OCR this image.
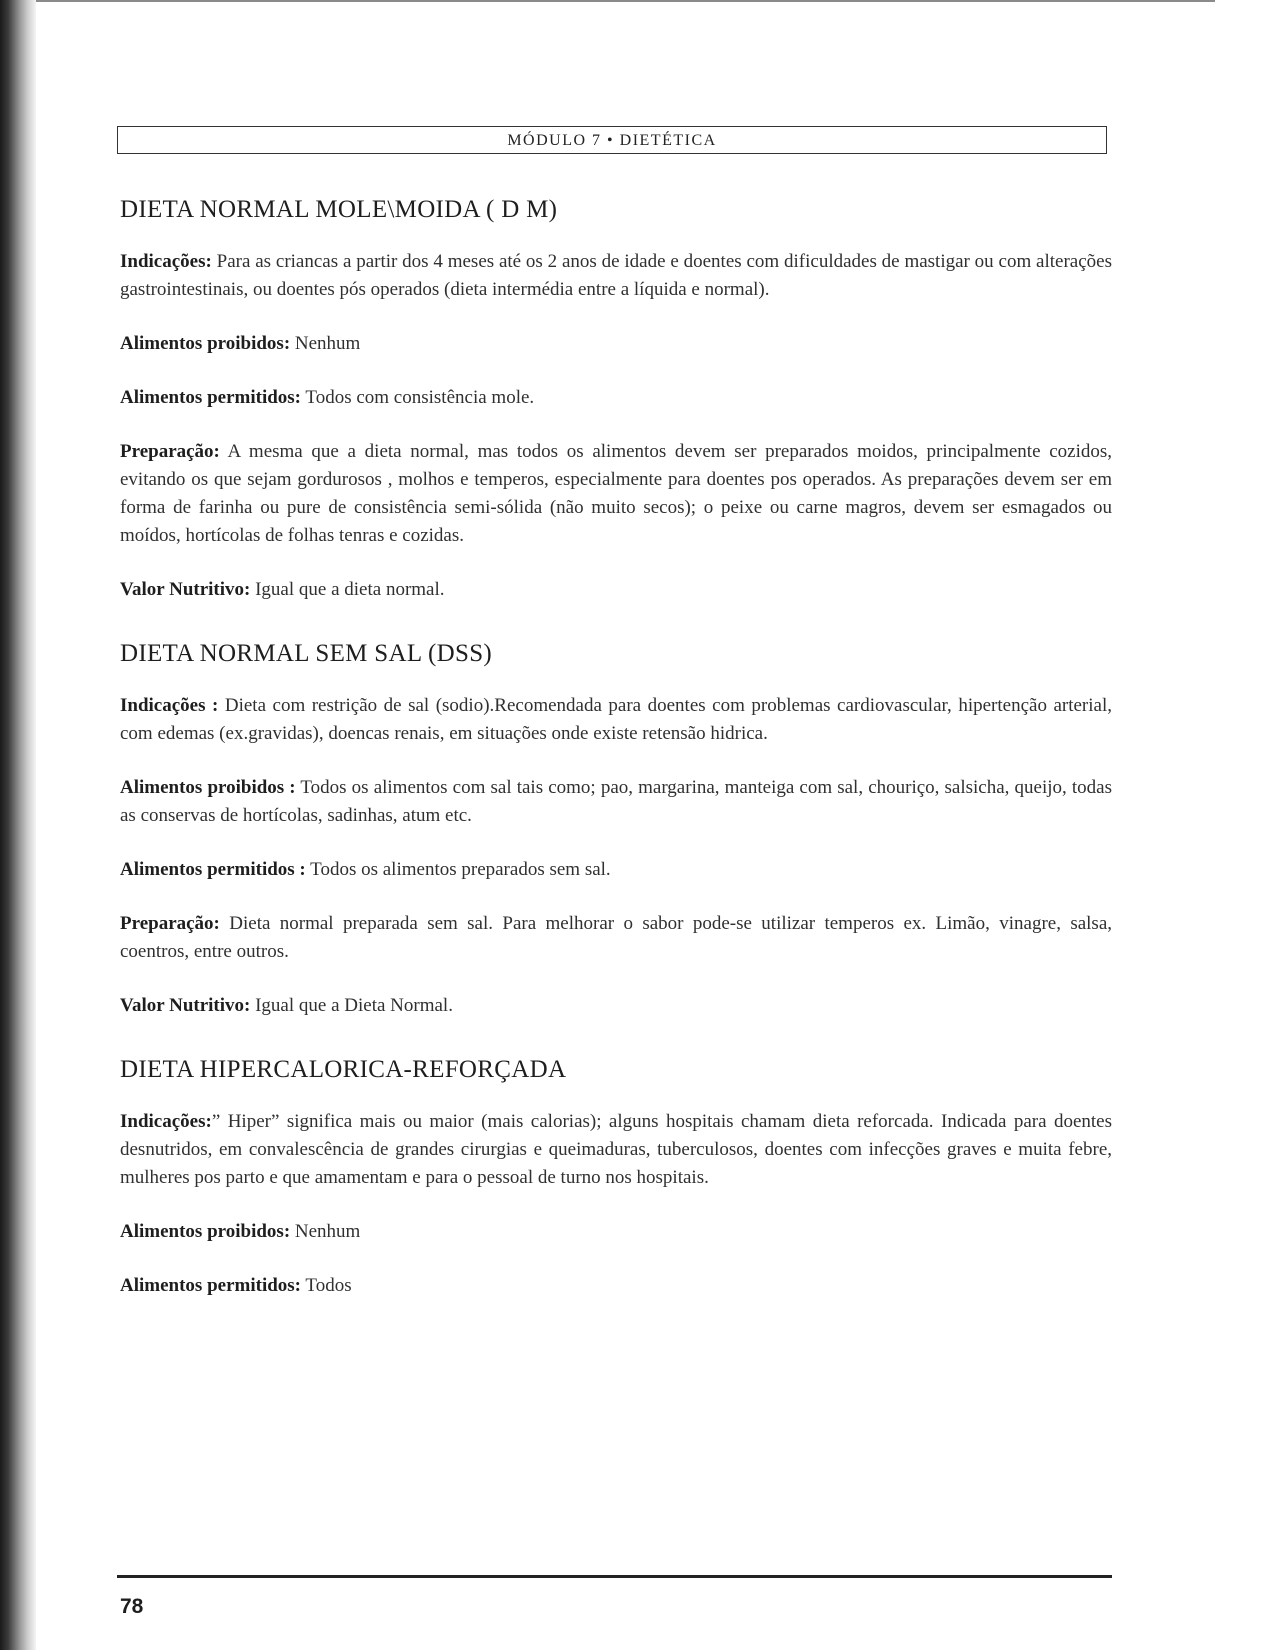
MÓDULO 7 • DIETÉTICA
DIETA NORMAL MOLE\MOIDA ( D M)

Indicações: Para as criancas a partir dos 4 meses até os 2 anos de idade e doentes com dificuldades de mastigar ou com alterações gastrointestinais, ou doentes pós operados (dieta intermédia entre a líquida e normal).

Alimentos proibidos: Nenhum

Alimentos permitidos: Todos com consistência mole.

Preparação: A mesma que a dieta normal, mas todos os alimentos devem ser preparados moidos, principalmente cozidos, evitando os que sejam gordurosos , molhos e temperos, especialmente para doentes pos operados. As preparações devem ser em forma de farinha ou pure de consistência semi-sólida (não muito secos); o peixe ou carne magros, devem ser esmagados ou moídos, hortícolas de folhas tenras e cozidas.

Valor Nutritivo: Igual que a dieta normal.

DIETA NORMAL SEM SAL (DSS)

Indicações : Dieta com restrição de sal (sodio).Recomendada para doentes com problemas cardiovascular, hipertenção arterial, com edemas (ex.gravidas), doencas renais, em situações onde existe retensão hidrica.

Alimentos proibidos : Todos os alimentos com sal tais como; pao, margarina, manteiga com sal, chouriço, salsicha, queijo, todas as conservas de hortícolas, sadinhas, atum etc.

Alimentos permitidos : Todos os alimentos preparados sem sal.

Preparação: Dieta normal preparada sem sal. Para melhorar o sabor pode-se utilizar temperos ex. Limão, vinagre, salsa, coentros, entre outros.

Valor Nutritivo: Igual que a Dieta Normal.

DIETA HIPERCALORICA-REFORÇADA

Indicações:” Hiper” significa mais ou maior (mais calorias); alguns hospitais chamam dieta reforcada. Indicada para doentes desnutridos, em convalescência de grandes cirurgias e queimaduras, tuberculosos, doentes com infecções graves e muita febre, mulheres pos parto e que amamentam e para o pessoal de turno nos hospitais.

Alimentos proibidos: Nenhum

Alimentos permitidos: Todos

78
